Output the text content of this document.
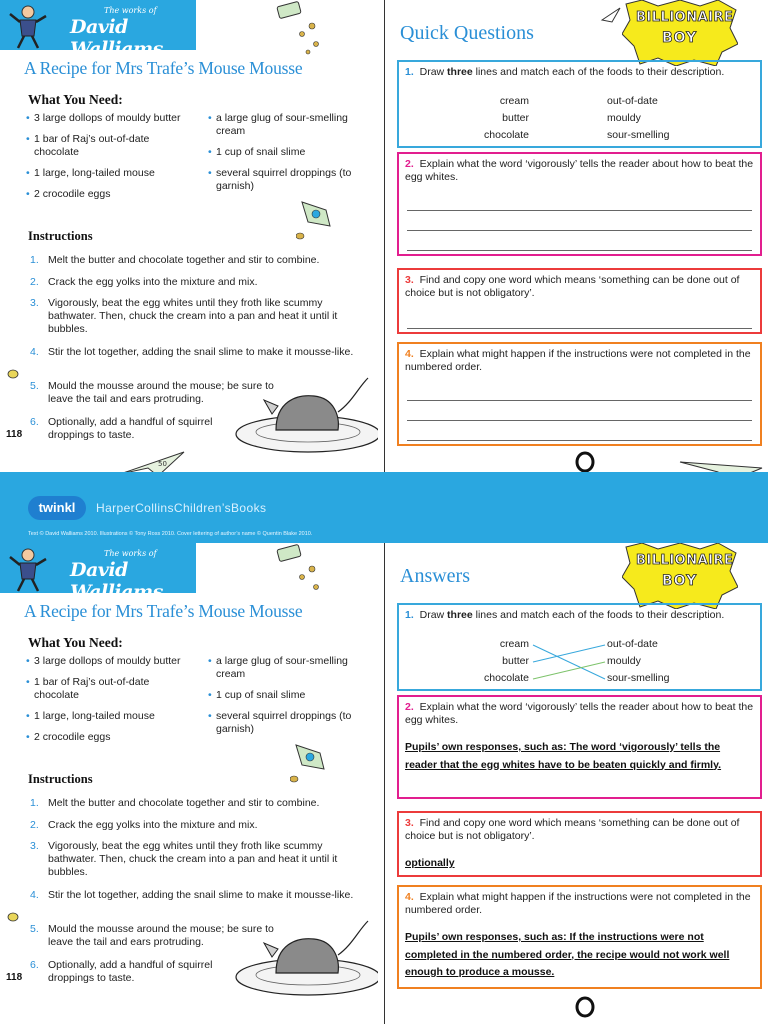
The works of
David Walliams
A Recipe for Mrs Trafe’s Mouse Mousse
What You Need:
• 3 large dollops of mouldy butter
• 1 bar of Raj’s out-of-date chocolate
• 1 large, long-tailed mouse
• 2 crocodile eggs
• a large glug of sour-smelling cream
• 1 cup of snail slime
• several squirrel droppings (to garnish)
Instructions
1. Melt the butter and chocolate together and stir to combine.
2. Crack the egg yolks into the mixture and mix.
3. Vigorously, beat the egg whites until they froth like scummy bathwater. Then, chuck the cream into a pan and heat it until it bubbles.
4. Stir the lot together, adding the snail slime to make it mousse-like.
5. Mould the mousse around the mouse; be sure to leave the tail and ears protruding.
6. Optionally, add a handful of squirrel droppings to taste.
118
50
Quick Questions
BILLIONAIRE
BOY
1. Draw three lines and match each of the foods to their description.
cream
butter
chocolate
out-of-date
mouldy
sour-smelling
2. Explain what the word ‘vigorously’ tells the reader about how to beat the egg whites.
3. Find and copy one word which means ‘something can be done out of choice but is not obligatory’.
4. Explain what might happen if the instructions were not completed in the numbered order.
twinkl	HarperCollinsChildren’sBooks
Text © David Walliams 2010. Illustrations © Tony Ross 2010. Cover lettering of author’s name © Quentin Blake 2010.
The works of
David Walliams
A Recipe for Mrs Trafe’s Mouse Mousse
What You Need:
• 3 large dollops of mouldy butter
• 1 bar of Raj’s out-of-date chocolate
• 1 large, long-tailed mouse
• 2 crocodile eggs
• a large glug of sour-smelling cream
• 1 cup of snail slime
• several squirrel droppings (to garnish)
Instructions
1. Melt the butter and chocolate together and stir to combine.
2. Crack the egg yolks into the mixture and mix.
3. Vigorously, beat the egg whites until they froth like scummy bathwater. Then, chuck the cream into a pan and heat it until it bubbles.
4. Stir the lot together, adding the snail slime to make it mousse-like.
5. Mould the mousse around the mouse; be sure to leave the tail and ears protruding.
6. Optionally, add a handful of squirrel droppings to taste.
118
Answers
BILLIONAIRE
BOY
1. Draw three lines and match each of the foods to their description.
cream
butter
chocolate
out-of-date
mouldy
sour-smelling
2. Explain what the word ‘vigorously’ tells the reader about how to beat the egg whites.
Pupils’ own responses, such as: The word ‘vigorously’ tells the reader that the egg whites have to be beaten quickly and firmly.
3. Find and copy one word which means ‘something can be done out of choice but is not obligatory’.
optionally
4. Explain what might happen if the instructions were not completed in the numbered order.
Pupils’ own responses, such as: If the instructions were not completed in the numbered order, the recipe would not work well enough to produce a mousse.
